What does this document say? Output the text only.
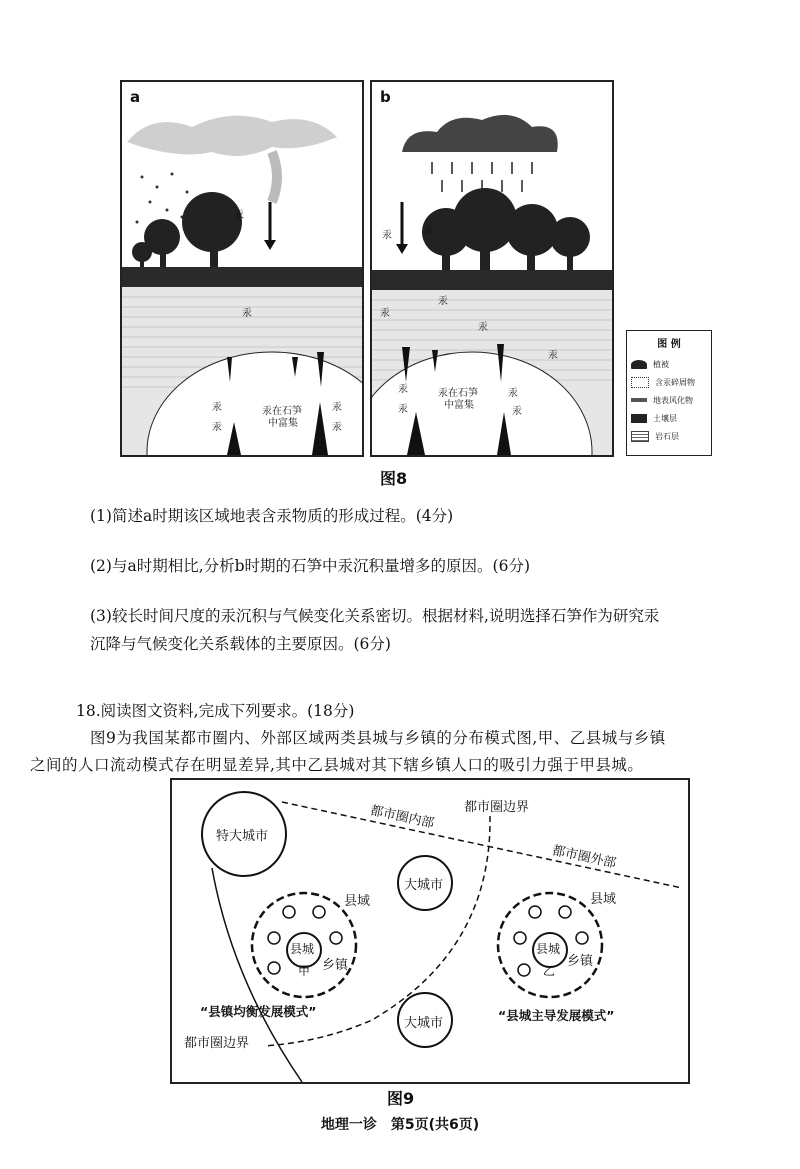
a
汞
汞
汞
汞
汞在石笋
中富集
汞
汞
b
汞	汞
汞
汞
汞
汞
汞
汞
汞在石笋
中富集
汞
汞
图 例
植被
含汞碎屑物
地表风化物
土壤层
岩石层
图8
(1)简述a时期该区域地表含汞物质的形成过程。(4分)
(2)与a时期相比,分析b时期的石笋中汞沉积量增多的原因。(6分)
(3)较长时间尺度的汞沉积与气候变化关系密切。根据材料,说明选择石笋作为研究汞
沉降与气候变化关系载体的主要原因。(6分)
18.阅读图文资料,完成下列要求。(18分)
图9为我国某都市圈内、外部区域两类县城与乡镇的分布模式图,甲、乙县城与乡镇
之间的人口流动模式存在明显差异,其中乙县城对其下辖乡镇人口的吸引力强于甲县城。
特大城市
都市圈内部
都市圈外部
都市圈边界
都市圈边界
大城市
大城市
县域	县域
县城	县城
甲	乙
乡镇	乡镇
“县镇均衡发展模式”	“县城主导发展模式”
图9
地理一诊　第5页(共6页)
